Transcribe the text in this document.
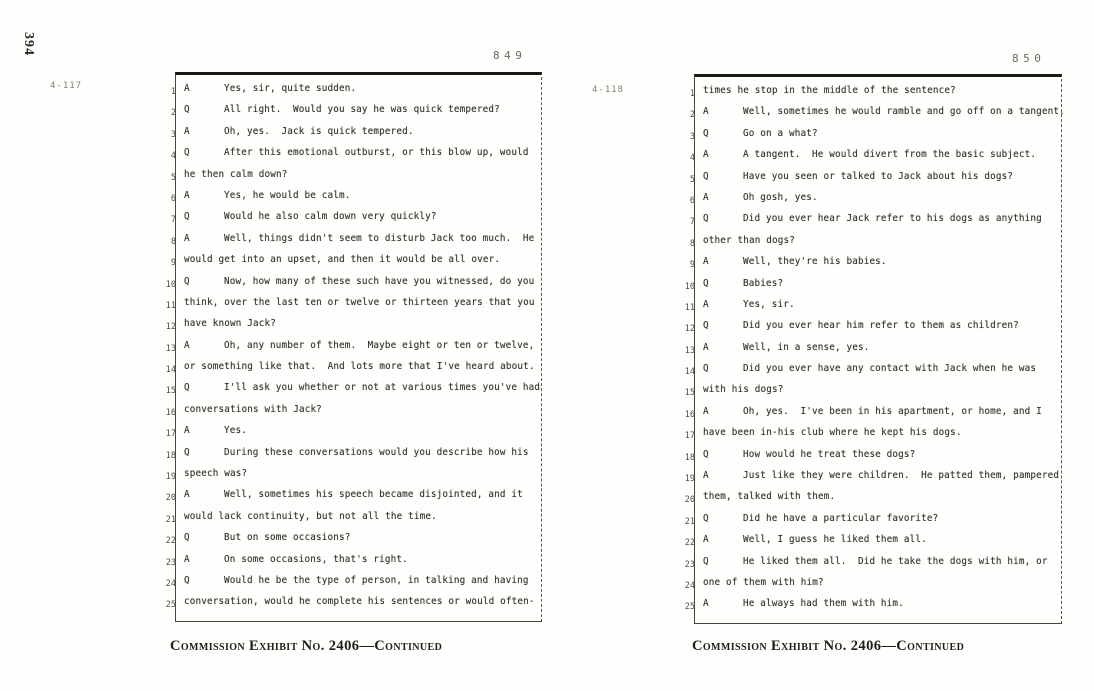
394
4-117	4-118
849	850
1 A	Yes, sir, quite sudden.
2 Q	All right.  Would you say he was quick tempered?
3 A	Oh, yes.  Jack is quick tempered.
4 Q	After this emotional outburst, or this blow up, would
5 he then calm down?
6 A	Yes, he would be calm.
7 Q	Would he also calm down very quickly?
8 A	Well, things didn't seem to disturb Jack too much.  He
9 would get into an upset, and then it would be all over.
10 Q	Now, how many of these such have you witnessed, do you
11 think, over the last ten or twelve or thirteen years that you
12 have known Jack?
13 A	Oh, any number of them.  Maybe eight or ten or twelve,
14 or something like that.  And lots more that I've heard about.
15 Q	I'll ask you whether or not at various times you've had
16 conversations with Jack?
17 A	Yes.
18 Q	During these conversations would you describe how his
19 speech was?
20 A	Well, sometimes his speech became disjointed, and it
21 would lack continuity, but not all the time.
22 Q	But on some occasions?
23 A	On some occasions, that's right.
24 Q	Would he be the type of person, in talking and having
25 conversation, would he complete his sentences or would often-
1 times he stop in the middle of the sentence?
2 A	Well, sometimes he would ramble and go off on a tangent.
3 Q	Go on a what?
4 A	A tangent.  He would divert from the basic subject.
5 Q	Have you seen or talked to Jack about his dogs?
6 A	Oh gosh, yes.
7 Q	Did you ever hear Jack refer to his dogs as anything
8 other than dogs?
9 A	Well, they're his babies.
10 Q	Babies?
11 A	Yes, sir.
12 Q	Did you ever hear him refer to them as children?
13 A	Well, in a sense, yes.
14 Q	Did you ever have any contact with Jack when he was
15 with his dogs?
16 A	Oh, yes.  I've been in his apartment, or home, and I
17 have been in-his club where he kept his dogs.
18 Q	How would he treat these dogs?
19 A	Just like they were children.  He patted them, pampered
20 them, talked with them.
21 Q	Did he have a particular favorite?
22 A	Well, I guess he liked them all.
23 Q	He liked them all.  Did he take the dogs with him, or
24 one of them with him?
25 A	He always had them with him.
Commission Exhibit No. 2406—Continued	Commission Exhibit No. 2406—Continued
